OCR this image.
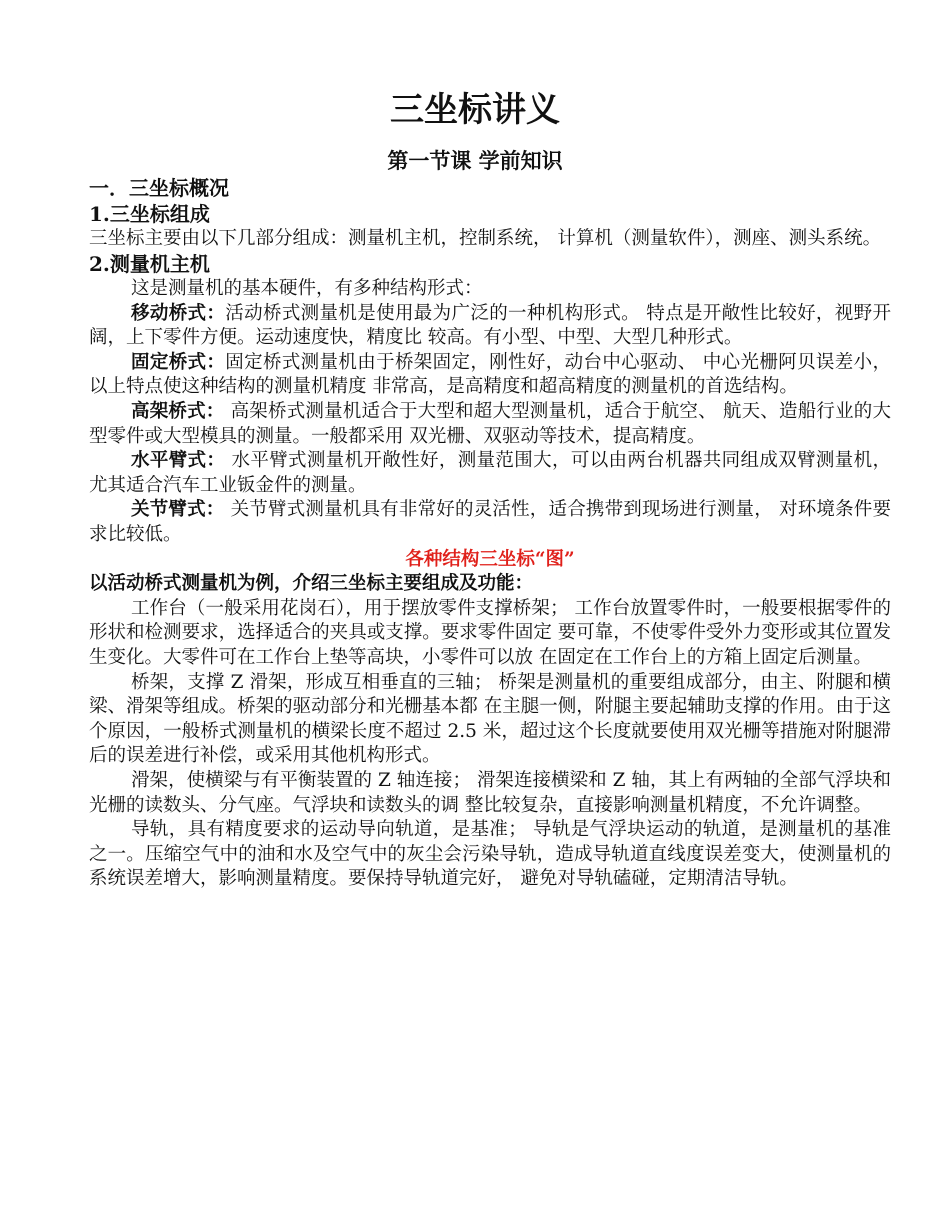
三坐标讲义
第一节课 学前知识
一．三坐标概况
1.三坐标组成

三坐标主要由以下几部分组成：测量机主机，控制系统， 计算机（测量软件），测座、测头系统。

2.测量机主机

这是测量机的基本硬件，有多种结构形式：

移动桥式：活动桥式测量机是使用最为广泛的一种机构形式。 特点是开敞性比较好，视野开阔，上下零件方便。运动速度快，精度比 较高。有小型、中型、大型几种形式。

固定桥式：固定桥式测量机由于桥架固定，刚性好，动台中心驱动、 中心光栅阿贝误差小，以上特点使这种结构的测量机精度 非常高，是高精度和超高精度的测量机的首选结构。

高架桥式： 高架桥式测量机适合于大型和超大型测量机，适合于航空、 航天、造船行业的大型零件或大型模具的测量。一般都采用 双光栅、双驱动等技术，提高精度。

水平臂式： 水平臂式测量机开敞性好，测量范围大，可以由两台机器共同组成双臂测量机，尤其适合汽车工业钣金件的测量。

关节臂式： 关节臂式测量机具有非常好的灵活性，适合携带到现场进行测量， 对环境条件要求比较低。

各种结构三坐标“图”
以活动桥式测量机为例，介绍三坐标主要组成及功能：

工作台（一般采用花岗石），用于摆放零件支撑桥架； 工作台放置零件时，一般要根据零件的形状和检测要求，选择适合的夹具或支撑。要求零件固定 要可靠，不使零件受外力变形或其位置发生变化。大零件可在工作台上垫等高块，小零件可以放 在固定在工作台上的方箱上固定后测量。

桥架，支撑 Z 滑架，形成互相垂直的三轴； 桥架是测量机的重要组成部分，由主、附腿和横梁、滑架等组成。桥架的驱动部分和光栅基本都 在主腿一侧，附腿主要起辅助支撑的作用。由于这个原因，一般桥式测量机的横梁长度不超过 2.5 米，超过这个长度就要使用双光栅等措施对附腿滞后的误差进行补偿，或采用其他机构形式。

滑架，使横梁与有平衡装置的 Z 轴连接； 滑架连接横梁和 Z 轴，其上有两轴的全部气浮块和光栅的读数头、分气座。气浮块和读数头的调 整比较复杂，直接影响测量机精度，不允许调整。

导轨，具有精度要求的运动导向轨道，是基准； 导轨是气浮块运动的轨道，是测量机的基准之一。压缩空气中的油和水及空气中的灰尘会污染导轨，造成导轨道直线度误差变大，使测量机的系统误差增大，影响测量精度。要保持导轨道完好， 避免对导轨磕碰，定期清洁导轨。
